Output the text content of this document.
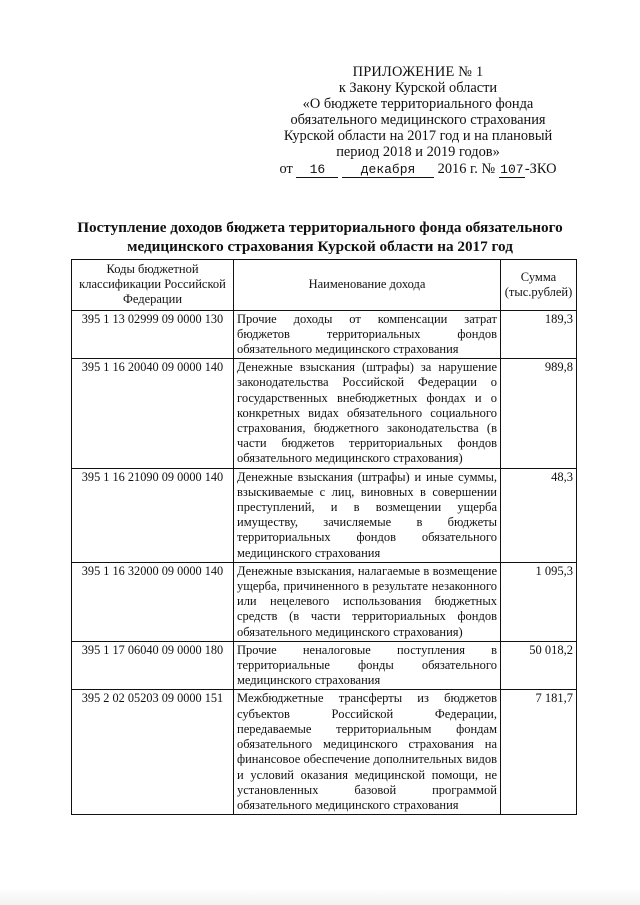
ПРИЛОЖЕНИЕ № 1
к Закону Курской области
«О бюджете территориального фонда
обязательного медицинского страхования
Курской области на 2017 год и на плановый
период 2018 и 2019 годов»
от 16	декабря 2016 г. № 107-ЗКО
Поступление доходов бюджета территориального фонда обязательного
медицинского страхования Курской области на 2017 год
Коды бюджетной классификации Российской Федерации	Наименование дохода	Сумма (тыс.рублей)
395 1 13 02999 09 0000 130	Прочие доходы от компенсации затрат бюджетов территориальных фондов обязательного медицинского страхования	189,3
395 1 16 20040 09 0000 140	Денежные взыскания (штрафы) за нарушение законодательства Российской Федерации о государственных внебюджетных фондах и о конкретных видах обязательного социального страхования, бюджетного законодательства (в части бюджетов территориальных фондов обязательного медицинского страхования)	989,8
395 1 16 21090 09 0000 140	Денежные взыскания (штрафы) и иные суммы, взыскиваемые с лиц, виновных в совершении преступлений, и в возмещении ущерба имуществу, зачисляемые в бюджеты территориальных фондов обязательного медицинского страхования	48,3
395 1 16 32000 09 0000 140	Денежные взыскания, налагаемые в возмещение ущерба, причиненного в результате незаконного или нецелевого использования бюджетных средств (в части территориальных фондов обязательного медицинского страхования)	1 095,3
395 1 17 06040 09 0000 180	Прочие неналоговые поступления в территориальные фонды обязательного медицинского страхования	50 018,2
395 2 02 05203 09 0000 151	Межбюджетные трансферты из бюджетов субъектов Российской Федерации, передаваемые территориальным фондам обязательного медицинского страхования на финансовое обеспечение дополнительных видов и условий оказания медицинской помощи, не установленных базовой программой обязательного медицинского страхования	7 181,7
